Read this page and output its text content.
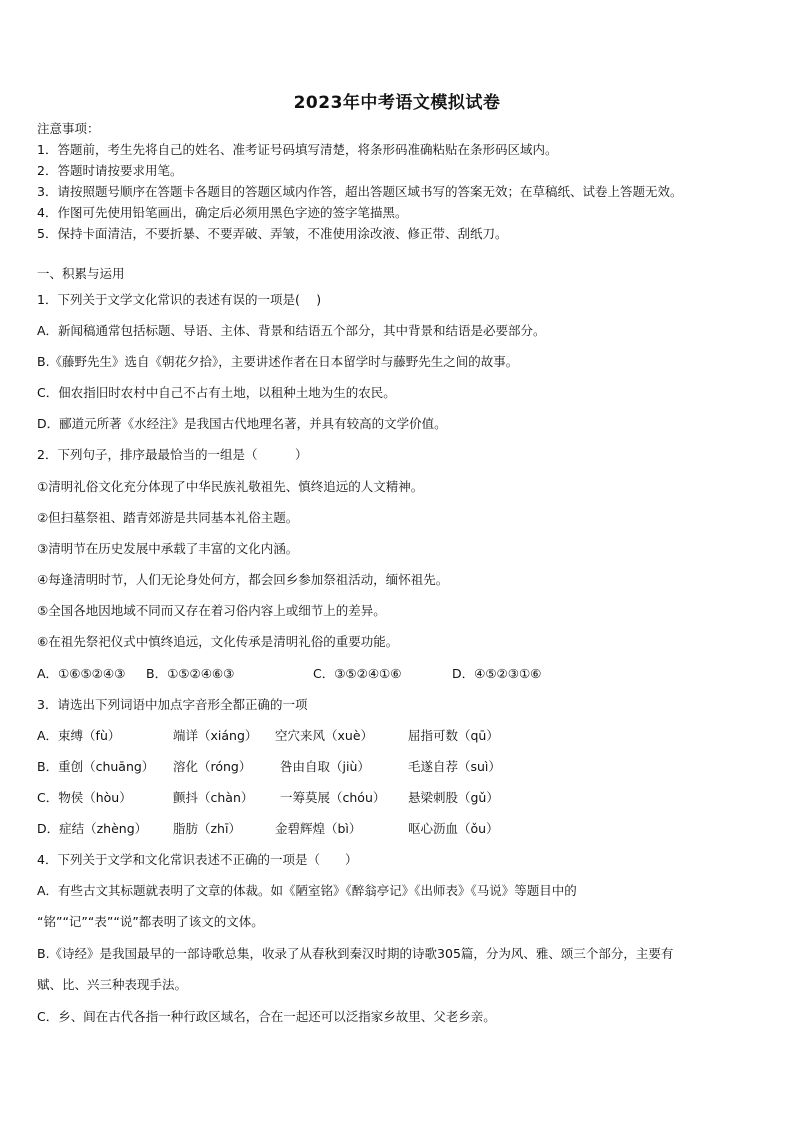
2023年中考语文模拟试卷
注意事项：
1．答题前，考生先将自己的姓名、准考证号码填写清楚，将条形码准确粘贴在条形码区域内。
2．答题时请按要求用笔。
3．请按照题号顺序在答题卡各题目的答题区域内作答，超出答题区域书写的答案无效；在草稿纸、试卷上答题无效。
4．作图可先使用铅笔画出，确定后必须用黑色字迹的签字笔描黑。
5．保持卡面清洁，不要折暴、不要弄破、弄皱，不准使用涂改液、修正带、刮纸刀。
一、积累与运用
1．下列关于文学文化常识的表述有误的一项是(　 )
A．新闻稿通常包括标题、导语、主体、背景和结语五个部分，其中背景和结语是必要部分。
B.《藤野先生》选自《朝花夕拾》，主要讲述作者在日本留学时与藤野先生之间的故事。
C．佃农指旧时农村中自己不占有土地，以租种土地为生的农民。
D．郦道元所著《水经注》是我国古代地理名著，并具有较高的文学价值。
2．下列句子，排序最最恰当的一组是（　　　）
①清明礼俗文化充分体现了中华民族礼敬祖先、慎终追远的人文精神。
②但扫墓祭祖、踏青郊游是共同基本礼俗主题。
③清明节在历史发展中承载了丰富的文化内涵。
④每逢清明时节，人们无论身处何方，都会回乡参加祭祖活动，缅怀祖先。
⑤全国各地因地域不同而又存在着习俗内容上或细节上的差异。
⑥在祖先祭祀仪式中慎终追远，文化传承是清明礼俗的重要功能。
A．①⑥⑤②④③ B．①⑤②④⑥③	C．③⑤②④①⑥	D．④⑤②③①⑥
3．请选出下列词语中加点字音形全都正确的一项
A．束缚（fù）	端详（xiáng） 空穴来风（xuè）	屈指可数（qū）
B．重创（chuāng） 溶化（róng） 咎由自取（jiù）	毛遂自荐（suì）
C．物侯（hòu）	颤抖（chàn） 一筹莫展（chóu） 悬梁刺股（gǔ）
D．症结（zhèng） 脂肪（zhī）	金碧辉煌（bì）	呕心沥血（ǒu）
4．下列关于文学和文化常识表述不正确的一项是（　　）
A．有些古文其标题就表明了文章的体裁。如《陋室铭》《醉翁亭记》《出师表》《马说》等题目中的
“铭”“记”“表”“说”都表明了该文的文体。
B.《诗经》是我国最早的一部诗歌总集，收录了从春秋到秦汉时期的诗歌305篇，分为风、雅、颂三个部分，主要有
赋、比、兴三种表现手法。
C．乡、闾在古代各指一种行政区域名，合在一起还可以泛指家乡故里、父老乡亲。
